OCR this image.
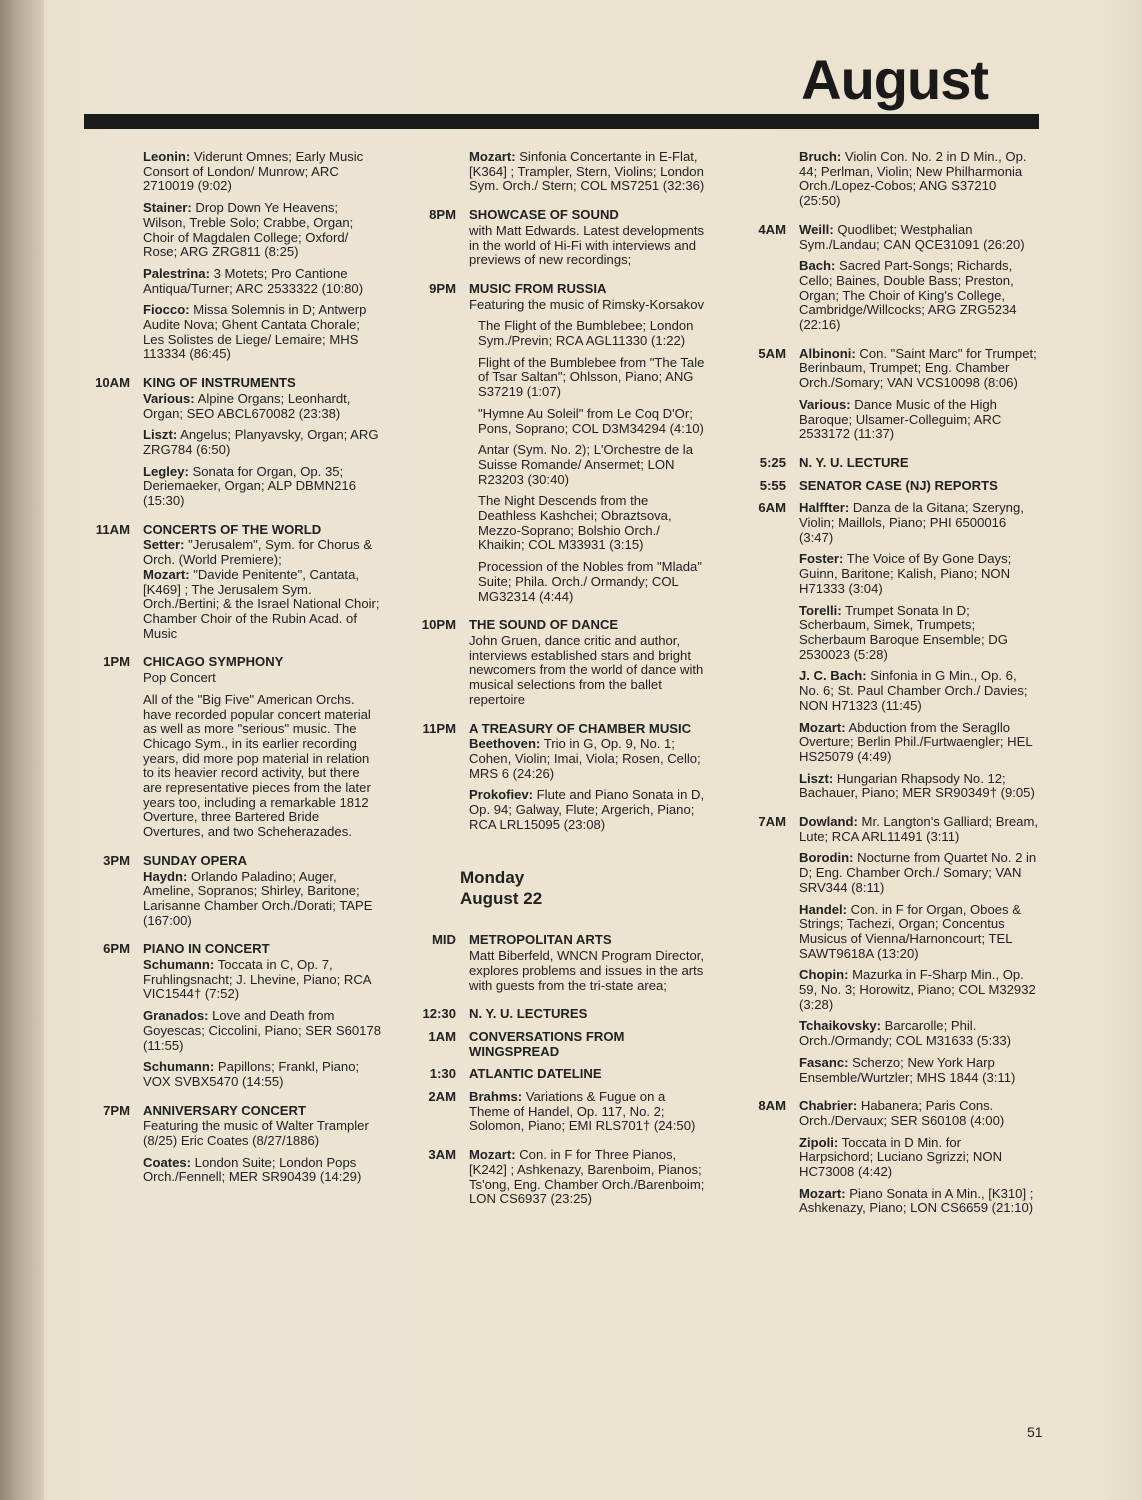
August
Leonin: Viderunt Omnes; Early Music Consort of London/ Munrow; ARC 2710019 (9:02)
Stainer: Drop Down Ye Heavens; Wilson, Treble Solo; Crabbe, Organ; Choir of Magdalen College; Oxford/ Rose; ARG ZRG811 (8:25)
Palestrina: 3 Motets; Pro Cantione Antiqua/Turner; ARC 2533322 (10:80)
Fiocco: Missa Solemnis in D; Antwerp Audite Nova; Ghent Cantata Chorale; Les Solistes de Liege/ Lemaire; MHS 113334 (86:45)
10AM KING OF INSTRUMENTS
Various: Alpine Organs; Leonhardt, Organ; SEO ABCL670082 (23:38)
Liszt: Angelus; Planyavsky, Organ; ARG ZRG784 (6:50)
Legley: Sonata for Organ, Op. 35; Deriemaeker, Organ; ALP DBMN216 (15:30)
11AM CONCERTS OF THE WORLD
Setter: "Jerusalem", Sym. for Chorus & Orch. (World Premiere);
Mozart: "Davide Penitente", Cantata, [K469] ; The Jerusalem Sym. Orch./Bertini; & the Israel National Choir; Chamber Choir of the Rubin Acad. of Music
1PM CHICAGO SYMPHONY
Pop Concert
All of the "Big Five" American Orchs. have recorded popular concert material as well as more "serious" music. The Chicago Sym., in its earlier recording years, did more pop material in relation to its heavier record activity, but there are representative pieces from the later years too, including a remarkable 1812 Overture, three Bartered Bride Overtures, and two Scheherazades.
3PM SUNDAY OPERA
Haydn: Orlando Paladino; Auger, Ameline, Sopranos; Shirley, Baritone; Larisanne Chamber Orch./Dorati; TAPE (167:00)
6PM PIANO IN CONCERT
Schumann: Toccata in C, Op. 7, Fruhlingsnacht; J. Lhevine, Piano; RCA VIC1544† (7:52)
Granados: Love and Death from Goyescas; Ciccolini, Piano; SER S60178 (11:55)
Schumann: Papillons; Frankl, Piano; VOX SVBX5470 (14:55)
7PM ANNIVERSARY CONCERT
Featuring the music of Walter Trampler (8/25) Eric Coates (8/27/1886)
Coates: London Suite; London Pops Orch./Fennell; MER SR90439 (14:29)
Mozart: Sinfonia Concertante in E-Flat, [K364] ; Trampler, Stern, Violins; London Sym. Orch./ Stern; COL MS7251 (32:36)
8PM SHOWCASE OF SOUND
with Matt Edwards. Latest developments in the world of Hi-Fi with interviews and previews of new recordings;
9PM MUSIC FROM RUSSIA
Featuring the music of Rimsky-Korsakov
The Flight of the Bumblebee; London Sym./Previn; RCA AGL11330 (1:22)
Flight of the Bumblebee from "The Tale of Tsar Saltan"; Ohlsson, Piano; ANG S37219 (1:07)
"Hymne Au Soleil" from Le Coq D'Or; Pons, Soprano; COL D3M34294 (4:10)
Antar (Sym. No. 2); L'Orchestre de la Suisse Romande/ Ansermet; LON R23203 (30:40)
The Night Descends from the Deathless Kashchei; Obraztsova, Mezzo-Soprano; Bolshio Orch./ Khaikin; COL M33931 (3:15)
Procession of the Nobles from "Mlada" Suite; Phila. Orch./ Ormandy; COL MG32314 (4:44)
10PM THE SOUND OF DANCE
John Gruen, dance critic and author, interviews established stars and bright newcomers from the world of dance with musical selections from the ballet repertoire
11PM A TREASURY OF CHAMBER MUSIC
Beethoven: Trio in G, Op. 9, No. 1; Cohen, Violin; Imai, Viola; Rosen, Cello; MRS 6 (24:26)
Prokofiev: Flute and Piano Sonata in D, Op. 94; Galway, Flute; Argerich, Piano; RCA LRL15095 (23:08)
Monday
August 22
MID METROPOLITAN ARTS
Matt Biberfeld, WNCN Program Director, explores problems and issues in the arts with guests from the tri-state area;
12:30 N. Y. U. LECTURES
1AM CONVERSATIONS FROM WINGSPREAD
1:30 ATLANTIC DATELINE
2AM Brahms: Variations & Fugue on a Theme of Handel, Op. 117, No. 2; Solomon, Piano; EMI RLS701† (24:50)
3AM Mozart: Con. in F for Three Pianos, [K242] ; Ashkenazy, Barenboim, Pianos; Ts'ong, Eng. Chamber Orch./Barenboim; LON CS6937 (23:25)
Bruch: Violin Con. No. 2 in D Min., Op. 44; Perlman, Violin; New Philharmonia Orch./Lopez-Cobos; ANG S37210 (25:50)
4AM Weill: Quodlibet; Westphalian Sym./Landau; CAN QCE31091 (26:20)
Bach: Sacred Part-Songs; Richards, Cello; Baines, Double Bass; Preston, Organ; The Choir of King's College, Cambridge/Willcocks; ARG ZRG5234 (22:16)
5AM Albinoni: Con. "Saint Marc" for Trumpet; Berinbaum, Trumpet; Eng. Chamber Orch./Somary; VAN VCS10098 (8:06)
Various: Dance Music of the High Baroque; Ulsamer-Colleguim; ARC 2533172 (11:37)
5:25 N. Y. U. LECTURE
5:55 SENATOR CASE (NJ) REPORTS
6AM Halffter: Danza de la Gitana; Szeryng, Violin; Maillols, Piano; PHI 6500016 (3:47)
Foster: The Voice of By Gone Days; Guinn, Baritone; Kalish, Piano; NON H71333 (3:04)
Torelli: Trumpet Sonata In D; Scherbaum, Simek, Trumpets; Scherbaum Baroque Ensemble; DG 2530023 (5:28)
J. C. Bach: Sinfonia in G Min., Op. 6, No. 6; St. Paul Chamber Orch./ Davies; NON H71323 (11:45)
Mozart: Abduction from the Seragllo Overture; Berlin Phil./Furtwaengler; HEL HS25079 (4:49)
Liszt: Hungarian Rhapsody No. 12; Bachauer, Piano; MER SR90349† (9:05)
7AM Dowland: Mr. Langton's Galliard; Bream, Lute; RCA ARL11491 (3:11)
Borodin: Nocturne from Quartet No. 2 in D; Eng. Chamber Orch./ Somary; VAN SRV344 (8:11)
Handel: Con. in F for Organ, Oboes & Strings; Tachezi, Organ; Concentus Musicus of Vienna/Harnoncourt; TEL SAWT9618A (13:20)
Chopin: Mazurka in F-Sharp Min., Op. 59, No. 3; Horowitz, Piano; COL M32932 (3:28)
Tchaikovsky: Barcarolle; Phil. Orch./Ormandy; COL M31633 (5:33)
Fasanc: Scherzo; New York Harp Ensemble/Wurtzler; MHS 1844 (3:11)
8AM Chabrier: Habanera; Paris Cons. Orch./Dervaux; SER S60108 (4:00)
Zipoli: Toccata in D Min. for Harpsichord; Luciano Sgrizzi; NON HC73008 (4:42)
Mozart: Piano Sonata in A Min., [K310] ; Ashkenazy, Piano; LON CS6659 (21:10)
51
